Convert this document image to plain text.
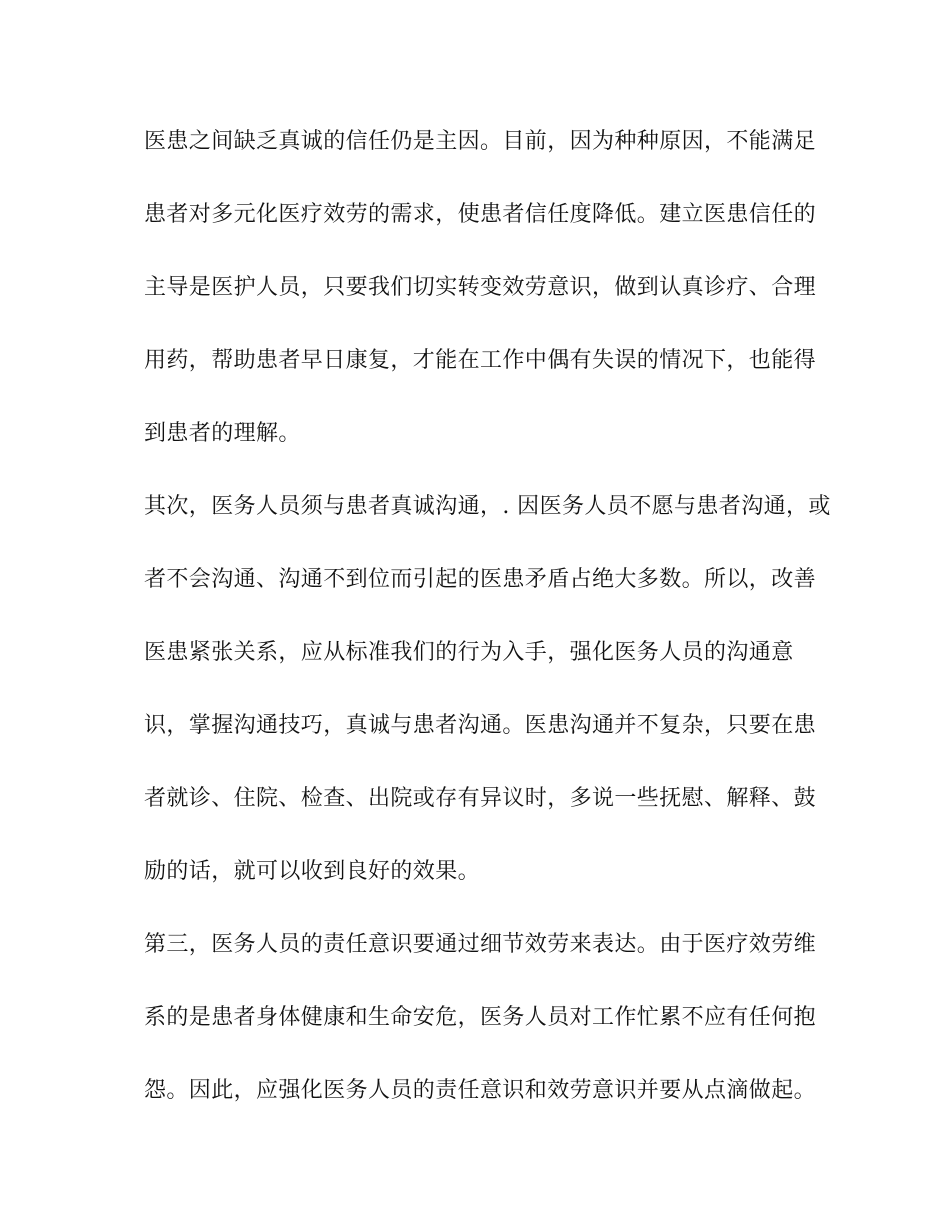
医患之间缺乏真诚的信任仍是主因。目前，因为种种原因，不能满足
患者对多元化医疗效劳的需求，使患者信任度降低。建立医患信任的
主导是医护人员，只要我们切实转变效劳意识，做到认真诊疗、合理
用药，帮助患者早日康复，才能在工作中偶有失误的情况下，也能得
到患者的理解。
其次，医务人员须与患者真诚沟通，. 因医务人员不愿与患者沟通，或
者不会沟通、沟通不到位而引起的医患矛盾占绝大多数。所以，改善
医患紧张关系，应从标准我们的行为入手，强化医务人员的沟通意
识，掌握沟通技巧，真诚与患者沟通。医患沟通并不复杂，只要在患
者就诊、住院、检查、出院或存有异议时，多说一些抚慰、解释、鼓
励的话，就可以收到良好的效果。
第三，医务人员的责任意识要通过细节效劳来表达。由于医疗效劳维
系的是患者身体健康和生命安危，医务人员对工作忙累不应有任何抱
怨。因此，应强化医务人员的责任意识和效劳意识并要从点滴做起。
